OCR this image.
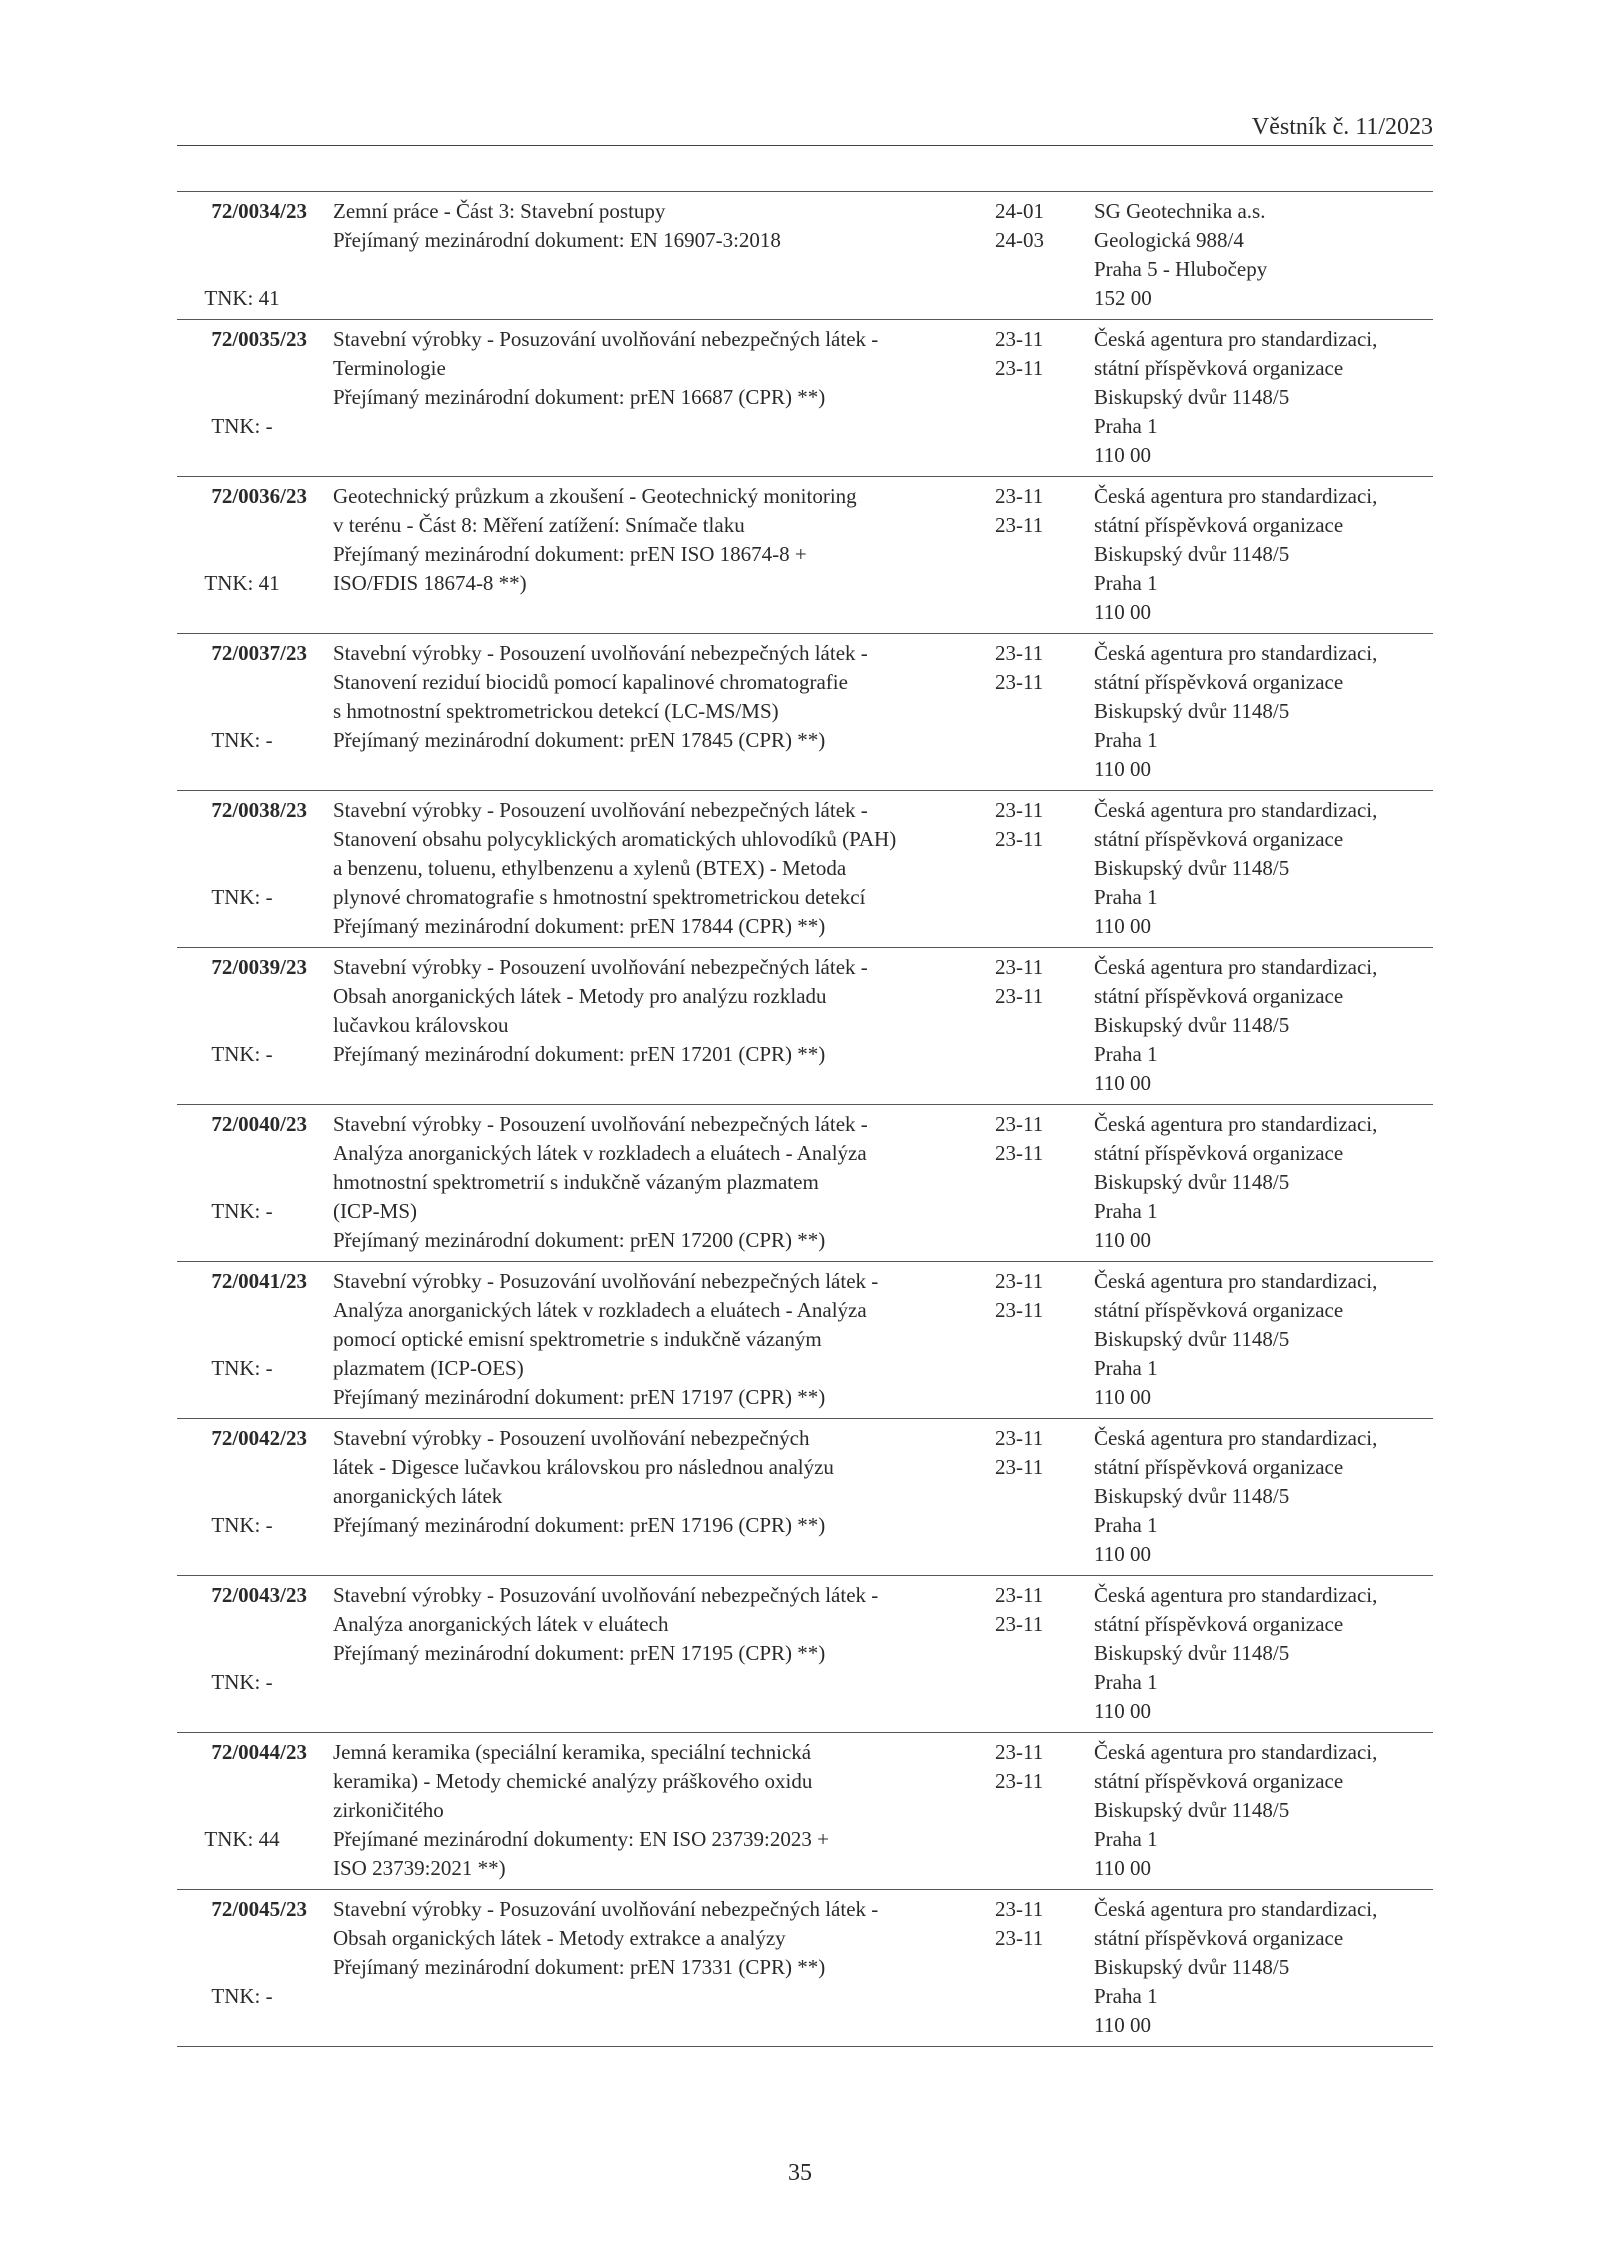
Věstník č. 11/2023
72/0034/23
TNK: 41
Zemní práce - Část 3: Stavební postupy
Přejímaný mezinárodní dokument: EN 16907-3:2018
24-01
24-03
SG Geotechnika a.s.
Geologická 988/4
Praha 5 - Hlubočepy
152 00
72/0035/23
TNK: -
Stavební výrobky - Posuzování uvolňování nebezpečných látek -
Terminologie
Přejímaný mezinárodní dokument: prEN 16687 (CPR) **)
23-11
23-11
Česká agentura pro standardizaci,
státní příspěvková organizace
Biskupský dvůr 1148/5
Praha 1
110 00
72/0036/23
TNK: 41
Geotechnický průzkum a zkoušení - Geotechnický monitoring
v terénu - Část 8: Měření zatížení: Snímače tlaku
Přejímaný mezinárodní dokument: prEN ISO 18674-8 +
ISO/FDIS 18674-8 **)
23-11
23-11
Česká agentura pro standardizaci,
státní příspěvková organizace
Biskupský dvůr 1148/5
Praha 1
110 00
72/0037/23
TNK: -
Stavební výrobky - Posouzení uvolňování nebezpečných látek -
Stanovení reziduí biocidů pomocí kapalinové chromatografie
s hmotnostní spektrometrickou detekcí (LC-MS/MS)
Přejímaný mezinárodní dokument: prEN 17845 (CPR) **)
23-11
23-11
Česká agentura pro standardizaci,
státní příspěvková organizace
Biskupský dvůr 1148/5
Praha 1
110 00
72/0038/23
TNK: -
Stavební výrobky - Posouzení uvolňování nebezpečných látek -
Stanovení obsahu polycyklických aromatických uhlovodíků (PAH)
a benzenu, toluenu, ethylbenzenu a xylenů (BTEX) - Metoda
plynové chromatografie s hmotnostní spektrometrickou detekcí
Přejímaný mezinárodní dokument: prEN 17844 (CPR) **)
23-11
23-11
Česká agentura pro standardizaci,
státní příspěvková organizace
Biskupský dvůr 1148/5
Praha 1
110 00
72/0039/23
TNK: -
Stavební výrobky - Posouzení uvolňování nebezpečných látek -
Obsah anorganických látek - Metody pro analýzu rozkladu
lučavkou královskou
Přejímaný mezinárodní dokument: prEN 17201 (CPR) **)
23-11
23-11
Česká agentura pro standardizaci,
státní příspěvková organizace
Biskupský dvůr 1148/5
Praha 1
110 00
72/0040/23
TNK: -
Stavební výrobky - Posouzení uvolňování nebezpečných látek -
Analýza anorganických látek v rozkladech a eluátech - Analýza
hmotnostní spektrometrií s indukčně vázaným plazmatem
(ICP-MS)
Přejímaný mezinárodní dokument: prEN 17200 (CPR) **)
23-11
23-11
Česká agentura pro standardizaci,
státní příspěvková organizace
Biskupský dvůr 1148/5
Praha 1
110 00
72/0041/23
TNK: -
Stavební výrobky - Posuzování uvolňování nebezpečných látek -
Analýza anorganických látek v rozkladech a eluátech - Analýza
pomocí optické emisní spektrometrie s indukčně vázaným
plazmatem (ICP-OES)
Přejímaný mezinárodní dokument: prEN 17197 (CPR) **)
23-11
23-11
Česká agentura pro standardizaci,
státní příspěvková organizace
Biskupský dvůr 1148/5
Praha 1
110 00
72/0042/23
TNK: -
Stavební výrobky - Posouzení uvolňování nebezpečných
látek - Digesce lučavkou královskou pro následnou analýzu
anorganických látek
Přejímaný mezinárodní dokument: prEN 17196 (CPR) **)
23-11
23-11
Česká agentura pro standardizaci,
státní příspěvková organizace
Biskupský dvůr 1148/5
Praha 1
110 00
72/0043/23
TNK: -
Stavební výrobky - Posuzování uvolňování nebezpečných látek -
Analýza anorganických látek v eluátech
Přejímaný mezinárodní dokument: prEN 17195 (CPR) **)
23-11
23-11
Česká agentura pro standardizaci,
státní příspěvková organizace
Biskupský dvůr 1148/5
Praha 1
110 00
72/0044/23
TNK: 44
Jemná keramika (speciální keramika, speciální technická
keramika) - Metody chemické analýzy práškového oxidu
zirkoničitého
Přejímané mezinárodní dokumenty: EN ISO 23739:2023 +
ISO 23739:2021 **)
23-11
23-11
Česká agentura pro standardizaci,
státní příspěvková organizace
Biskupský dvůr 1148/5
Praha 1
110 00
72/0045/23
TNK: -
Stavební výrobky - Posuzování uvolňování nebezpečných látek -
Obsah organických látek - Metody extrakce a analýzy
Přejímaný mezinárodní dokument: prEN 17331 (CPR) **)
23-11
23-11
Česká agentura pro standardizaci,
státní příspěvková organizace
Biskupský dvůr 1148/5
Praha 1
110 00
35
